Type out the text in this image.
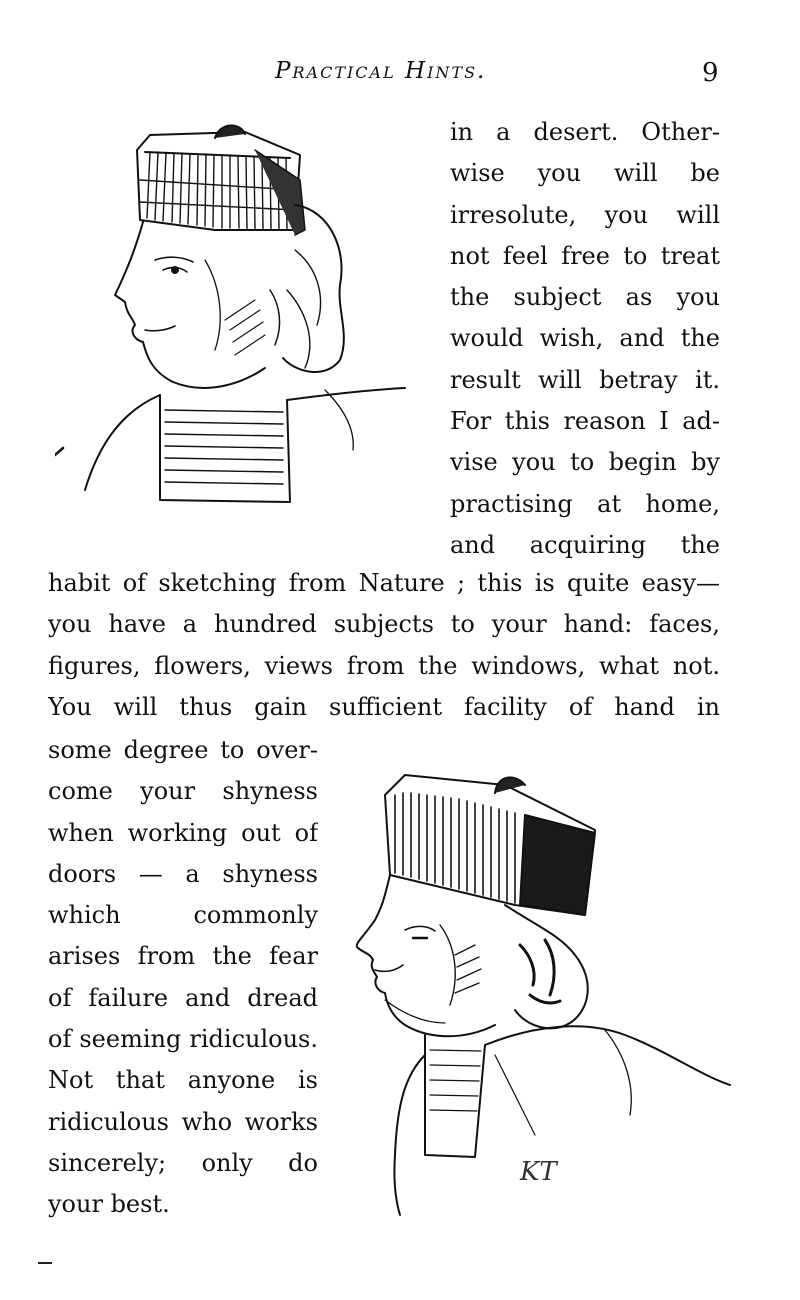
Practical Hints.	9
in a desert. Other-
wise you will be
irresolute, you will
not feel free to treat
the subject as you
would wish, and the
result will betray it.
For this reason I ad-
vise you to begin by
practising at home,
and acquiring the
habit of sketching from Nature ; this is quite easy—
you have a hundred subjects to your hand: faces,
figures, flowers, views from the windows, what not.
You will thus gain sufficient facility of hand in
some degree to over-
come your shyness
when working out of
doors — a shyness
which commonly
arises from the fear
of failure and dread
of seeming ridiculous.
Not that anyone is
ridiculous who works
sincerely; only do
your best.
KT
